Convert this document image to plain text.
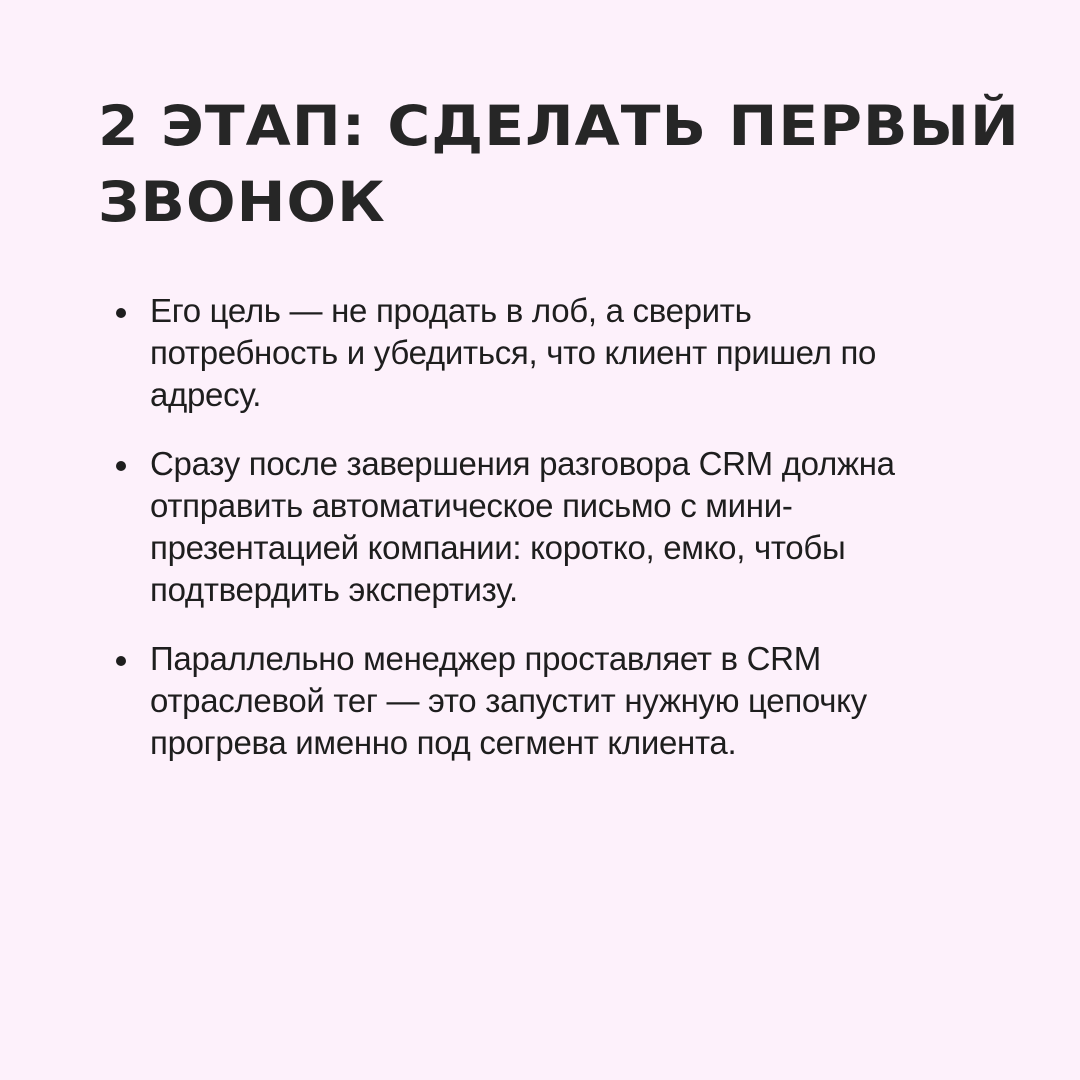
2 ЭТАП: СДЕЛАТЬ ПЕРВЫЙ
ЗВОНОК
Его цель — не продать в лоб, а сверить
потребность и убедиться, что клиент пришел по
адресу.
Сразу после завершения разговора CRM должна
отправить автоматическое письмо с мини-
презентацией компании: коротко, емко, чтобы
подтвердить экспертизу.
Параллельно менеджер проставляет в CRM
отраслевой тег — это запустит нужную цепочку
прогрева именно под сегмент клиента.
